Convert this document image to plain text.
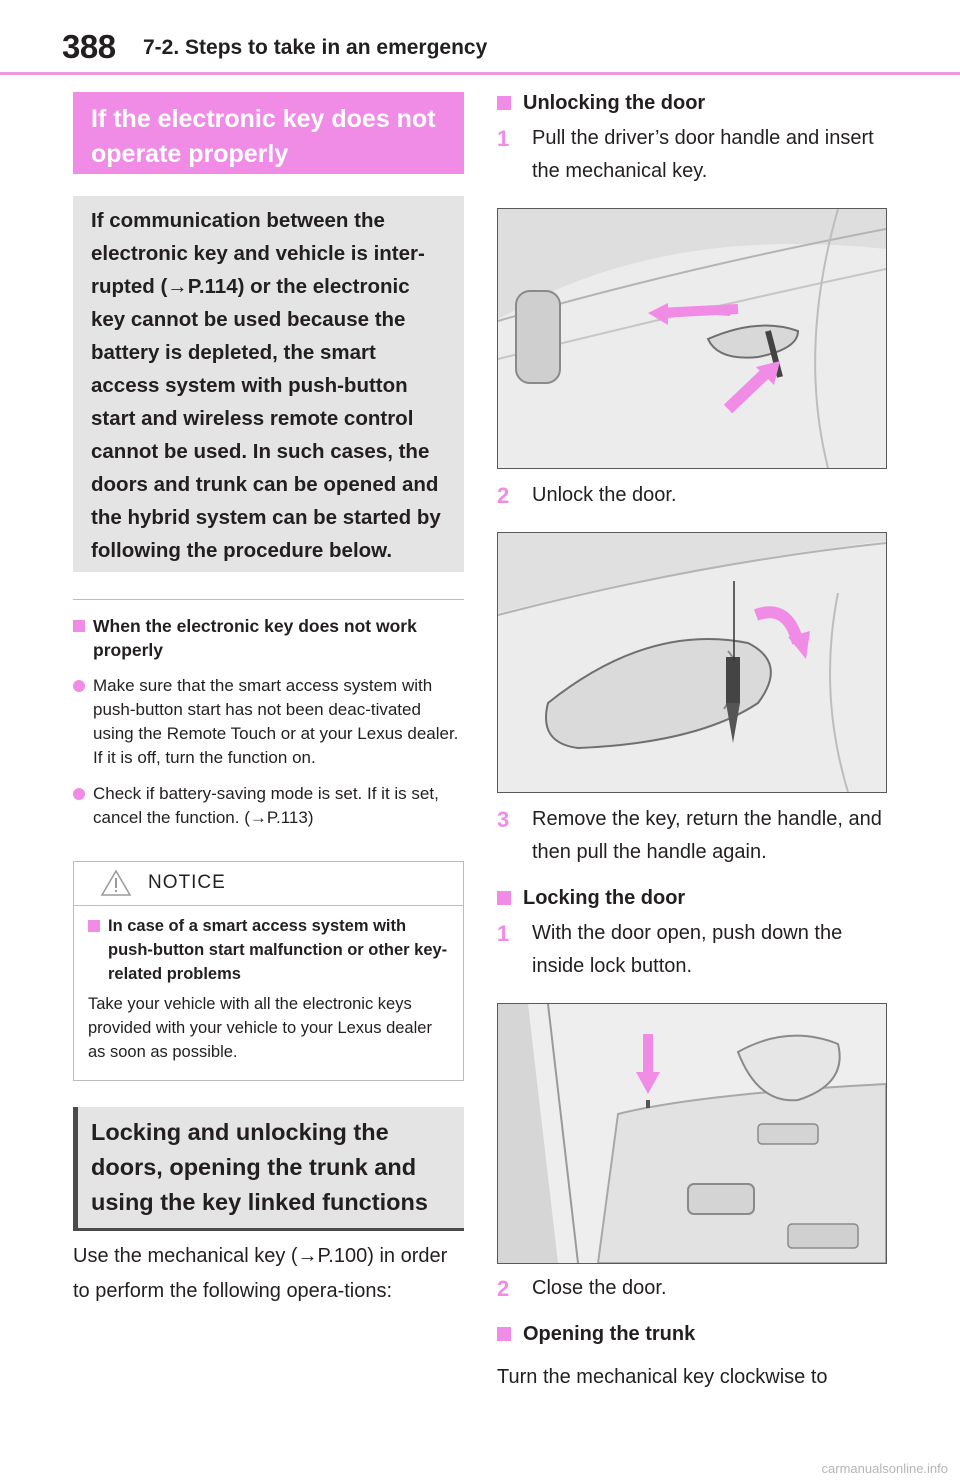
388 7-2. Steps to take in an emergency
If the electronic key does not operate properly
If communication between the electronic key and vehicle is inter-rupted (→P.114) or the electronic key cannot be used because the battery is depleted, the smart access system with push-button start and wireless remote control cannot be used. In such cases, the doors and trunk can be opened and the hybrid system can be started by following the procedure below.
When the electronic key does not work properly
Make sure that the smart access system with push-button start has not been deac-tivated using the Remote Touch or at your Lexus dealer. If it is off, turn the function on.
Check if battery-saving mode is set. If it is set, cancel the function. (→P.113)
NOTICE
In case of a smart access system with push-button start malfunction or other key-related problems
Take your vehicle with all the electronic keys provided with your vehicle to your Lexus dealer as soon as possible.
Locking and unlocking the doors, opening the trunk and using the key linked functions
Use the mechanical key (→P.100) in order to perform the following opera-tions:
Unlocking the door
1	Pull the driver’s door handle and insert the mechanical key.
2	Unlock the door.
3	Remove the key, return the handle, and then pull the handle again.
Locking the door
1	With the door open, push down the inside lock button.
2	Close the door.
Opening the trunk
Turn the mechanical key clockwise to
carmanualsonline.info
